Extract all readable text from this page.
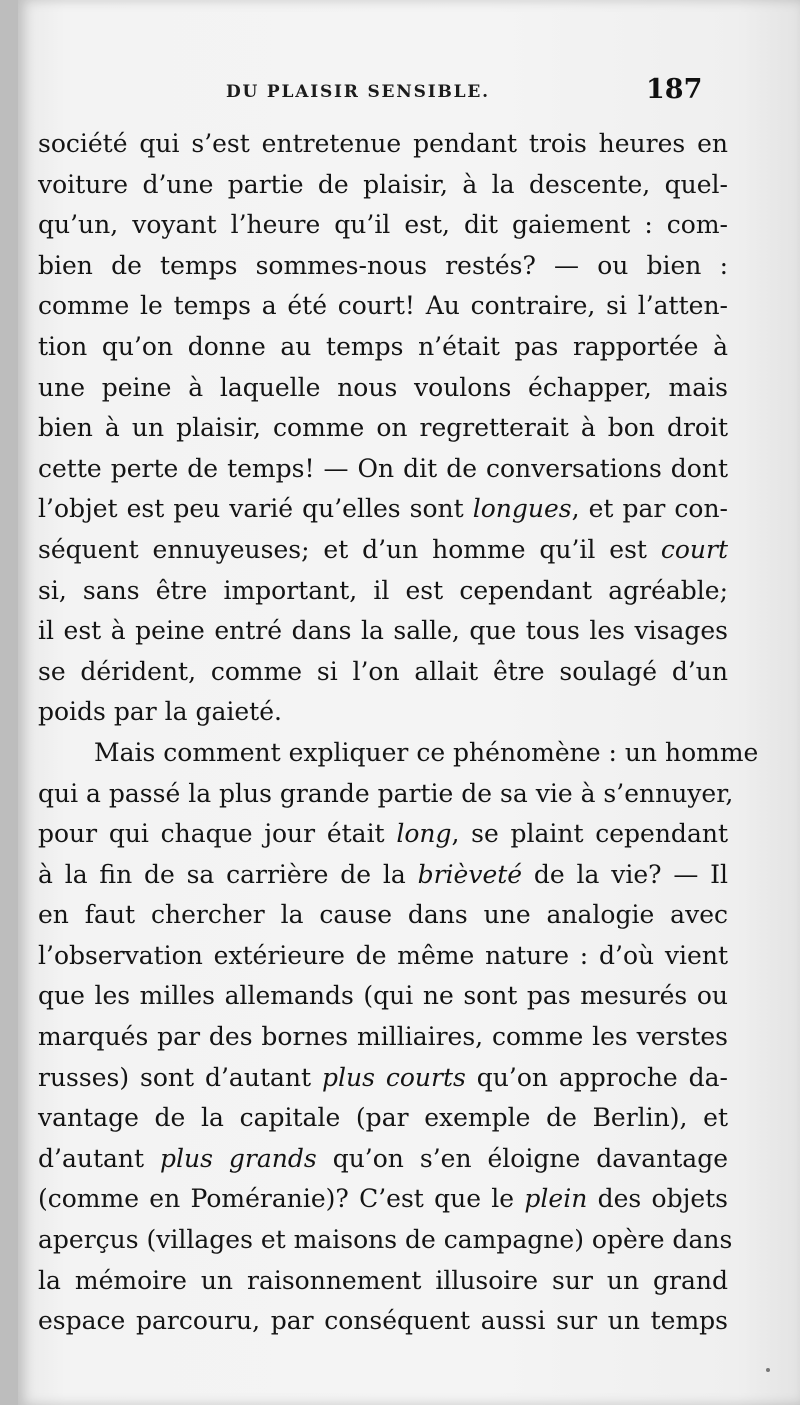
DU PLAISIR SENSIBLE.	187
société qui s’est entretenue pendant trois heures en
voiture d’une partie de plaisir, à la descente, quel-
qu’un, voyant l’heure qu’il est, dit gaiement : com-
bien de temps sommes-nous restés? — ou bien :
comme le temps a été court! Au contraire, si l’atten-
tion qu’on donne au temps n’était pas rapportée à
une peine à laquelle nous voulons échapper, mais
bien à un plaisir, comme on regretterait à bon droit
cette perte de temps! — On dit de conversations dont
l’objet est peu varié qu’elles sont longues, et par con-
séquent ennuyeuses; et d’un homme qu’il est court
si, sans être important, il est cependant agréable;
il est à peine entré dans la salle, que tous les visages
se dérident, comme si l’on allait être soulagé d’un
poids par la gaieté.
Mais comment expliquer ce phénomène : un homme
qui a passé la plus grande partie de sa vie à s’ennuyer,
pour qui chaque jour était long, se plaint cependant
à la fin de sa carrière de la brièveté de la vie? — Il
en faut chercher la cause dans une analogie avec
l’observation extérieure de même nature : d’où vient
que les milles allemands (qui ne sont pas mesurés ou
marqués par des bornes milliaires, comme les verstes
russes) sont d’autant plus courts qu’on approche da-
vantage de la capitale (par exemple de Berlin), et
d’autant plus grands qu’on s’en éloigne davantage
(comme en Poméranie)? C’est que le plein des objets
aperçus (villages et maisons de campagne) opère dans
la mémoire un raisonnement illusoire sur un grand
espace parcouru, par conséquent aussi sur un temps
